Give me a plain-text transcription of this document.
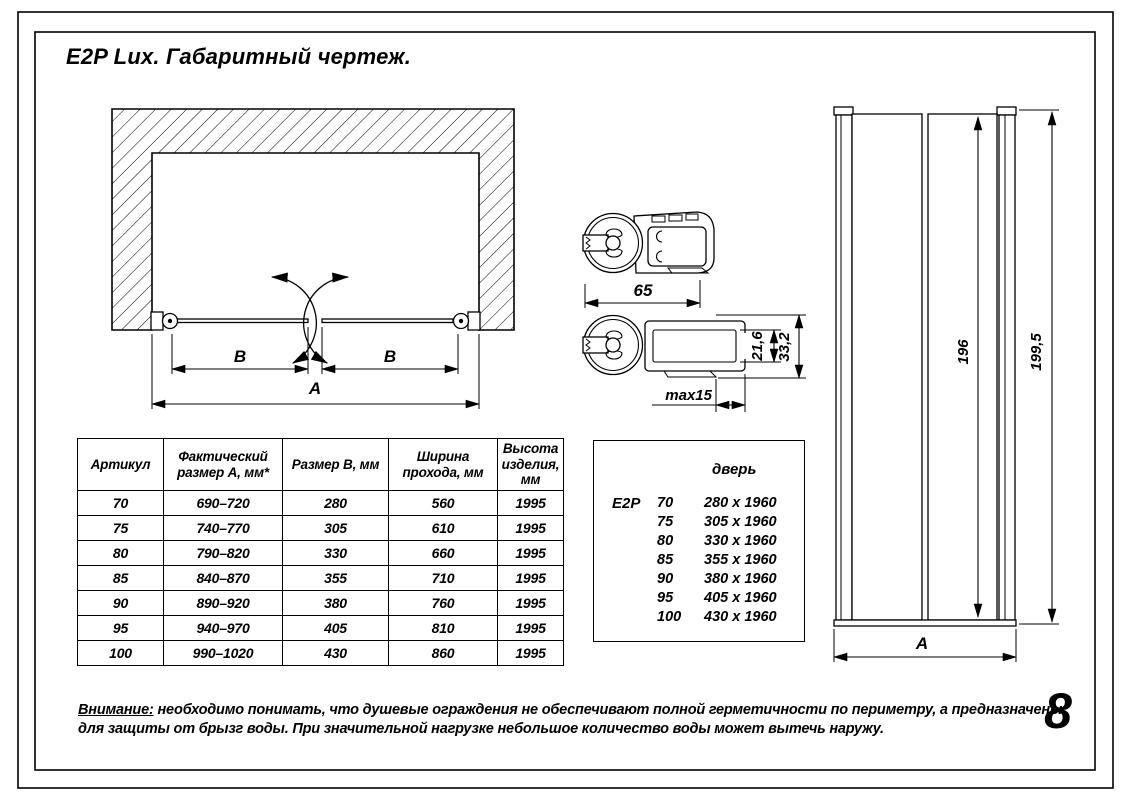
B	B
A
65
21,6 33,2
max15
196	199,5
A
E2P Lux. Габаритный чертеж.
Артикул	Фактический размер А, мм*	Размер В, мм	Ширина прохода, мм	Высота изделия, мм
70	690–720	280	560	1995
75	740–770	305	610	1995
80	790–820	330	660	1995
85	840–870	355	710	1995
90	890–920	380	760	1995
95	940–970	405	810	1995
100	990–1020	430	860	1995
дверь
E2P 70 280 x 1960
75 305 x 1960
80 330 x 1960
85 355 x 1960
90 380 x 1960
95 405 x 1960
100 430 x 1960
Внимание: необходимо понимать, что душевые ограждения не обеспечивают полной герметичности по периметру, а предназначены
для защиты от брызг воды. При значительной нагрузке небольшое количество воды может вытечь наружу.	8
